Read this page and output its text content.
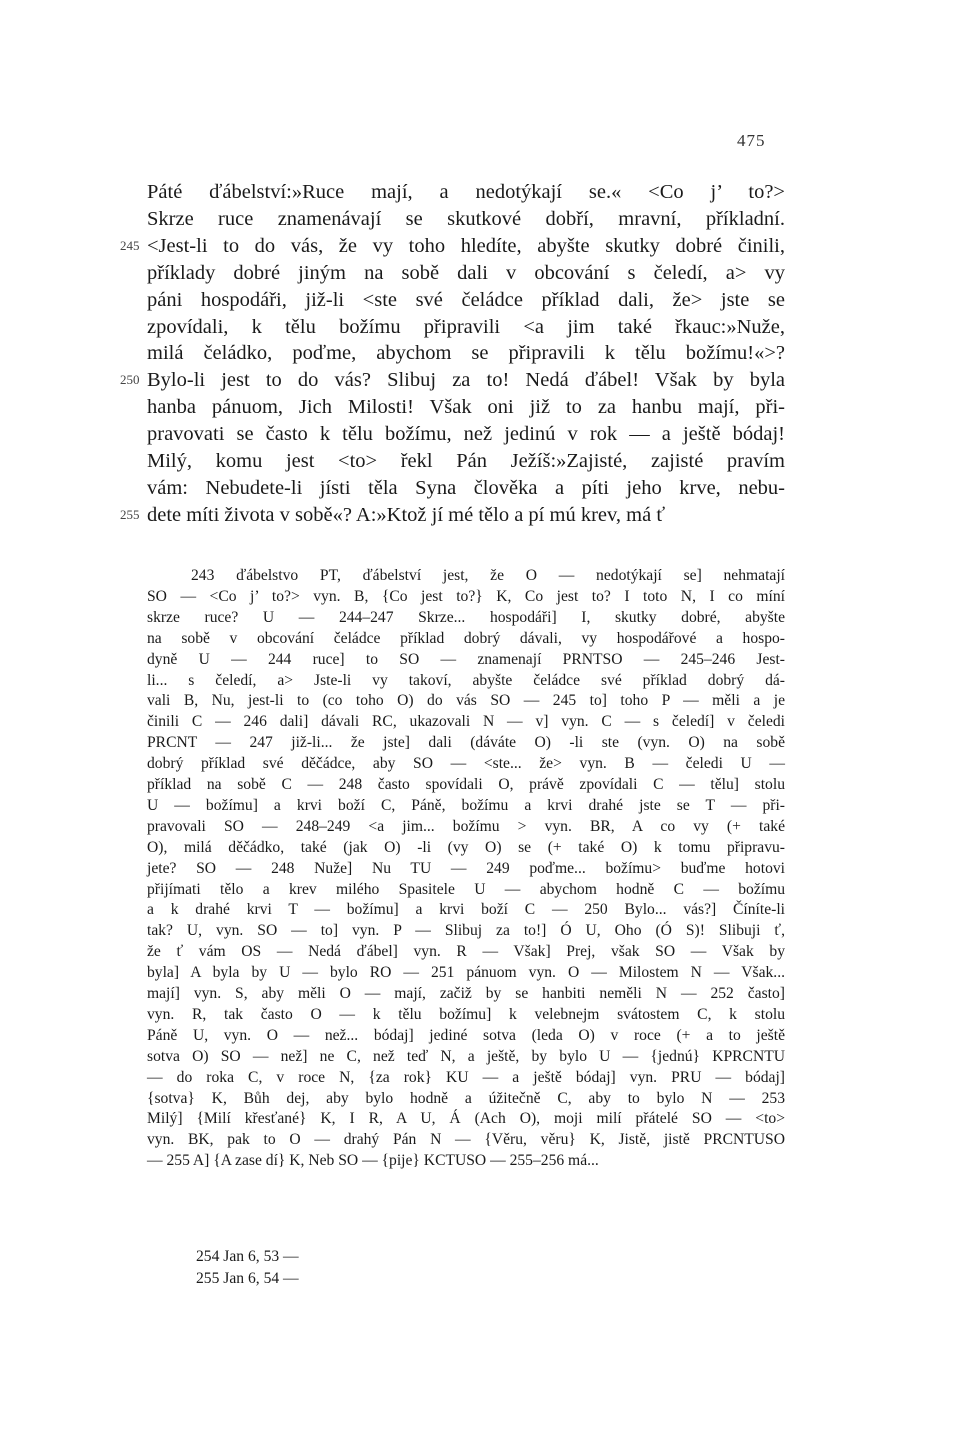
475
Páté ďábelství:»Ruce mají, a nedotýkají se.« <Co j’ to?>
Skrze ruce znamenávají se skutkové dobří, mravní, příkladní.
245 <Jest-li to do vás, že vy toho hledíte, abyšte skutky dobré činili,
příklady dobré jiným na sobě dali v obcování s čeledí, a> vy
páni hospodáři, již-li <ste své čeládce příklad dali, že> jste se
zpovídali, k tělu božímu připravili <a jim také řkauc:»Nuže,
milá čeládko, poďme, abychom se připravili k tělu božímu!«>?
250 Bylo-li jest to do vás? Slibuj za to! Nedá ďábel! Však by byla
hanba pánuom, Jich Milosti! Však oni již to za hanbu mají, při-
pravovati se často k tělu božímu, než jedinú v rok — a ještě bódaj!
Milý, komu jest <to> řekl Pán Ježíš:»Zajisté, zajisté pravím
vám: Nebudete-li jísti těla Syna člověka a píti jeho krve, nebu-
255 dete míti života v sobě«? A:»Ktož jí mé tělo a pí mú krev, má ť
243 ďábelstvo PT, ďábelství jest, že O — nedotýkají se] nehmatají
SO — <Co j’ to?> vyn. B, {Co jest to?} K, Co jest to? I toto N, I co míní
skrze ruce? U — 244–247 Skrze... hospodáři] I, skutky dobré, abyšte
na sobě v obcování čeládce příklad dobrý dávali, vy hospodářové a hospo-
dyně U — 244 ruce] to SO — znamenají PRNTSO — 245–246 Jest-
li... s čeledí, a> Jste-li vy takoví, abyšte čeládce své příklad dobrý dá-
vali B, Nu, jest-li to (co toho O) do vás SO — 245 to] toho P — měli a je
činili C — 246 dali] dávali RC, ukazovali N — v] vyn. C — s čeledí] v čeledi
PRCNT — 247 již-li... že jste] dali (dáváte O) -li ste (vyn. O) na sobě
dobrý příklad své děčádce, aby SO — <ste... že> vyn. B — čeledi U —
příklad na sobě C — 248 často spovídali O, právě zpovídali C — tělu] stolu
U — božímu] a krvi boží C, Páně, božímu a krvi drahé jste se T — při-
pravovali SO — 248–249 <a jim... božímu > vyn. BR, A co vy (+ také
O), milá děčádko, také (jak O) -li (vy O) se (+ také O) k tomu připravu-
jete? SO — 248 Nuže] Nu TU — 249 poďme... božímu> buďme hotovi
přijímati tělo a krev milého Spasitele U — abychom hodně C — božímu
a k drahé krvi T — božímu] a krvi boží C — 250 Bylo... vás?] Číníte-li
tak? U, vyn. SO — to] vyn. P — Slibuj za to!] Ó U, Oho (Ó S)! Slibuji ť,
že ť vám OS — Nedá ďábel] vyn. R — Však] Prej, však SO — Však by
byla] A byla by U — bylo RO — 251 pánuom vyn. O — Milostem N — Však...
mají] vyn. S, aby měli O — mají, začiž by se hanbiti neměli N — 252 často]
vyn. R, tak často O — k tělu božímu] k velebnejm svátostem C, k stolu
Páně U, vyn. O — než... bódaj] jediné sotva (leda O) v roce (+ a to ještě
sotva O) SO — než] ne C, než teď N, a ještě, by bylo U — {jednú} KPRCNTU
— do roka C, v roce N, {za rok} KU — a ještě bódaj] vyn. PRU — bódaj]
{sotva} K, Bůh dej, aby bylo hodně a úžitečně C, aby to bylo N — 253
Milý] {Milí křesťané} K, I R, A U, Á (Ach O), moji milí přátelé SO — <to>
vyn. BK, pak to O — drahý Pán N — {Věru, věru} K, Jistě, jistě PRCNTUSO
— 255 A] {A zase dí} K, Neb SO — {pije} KCTUSO — 255–256 má...
254 Jan 6, 53 —
255 Jan 6, 54 —
